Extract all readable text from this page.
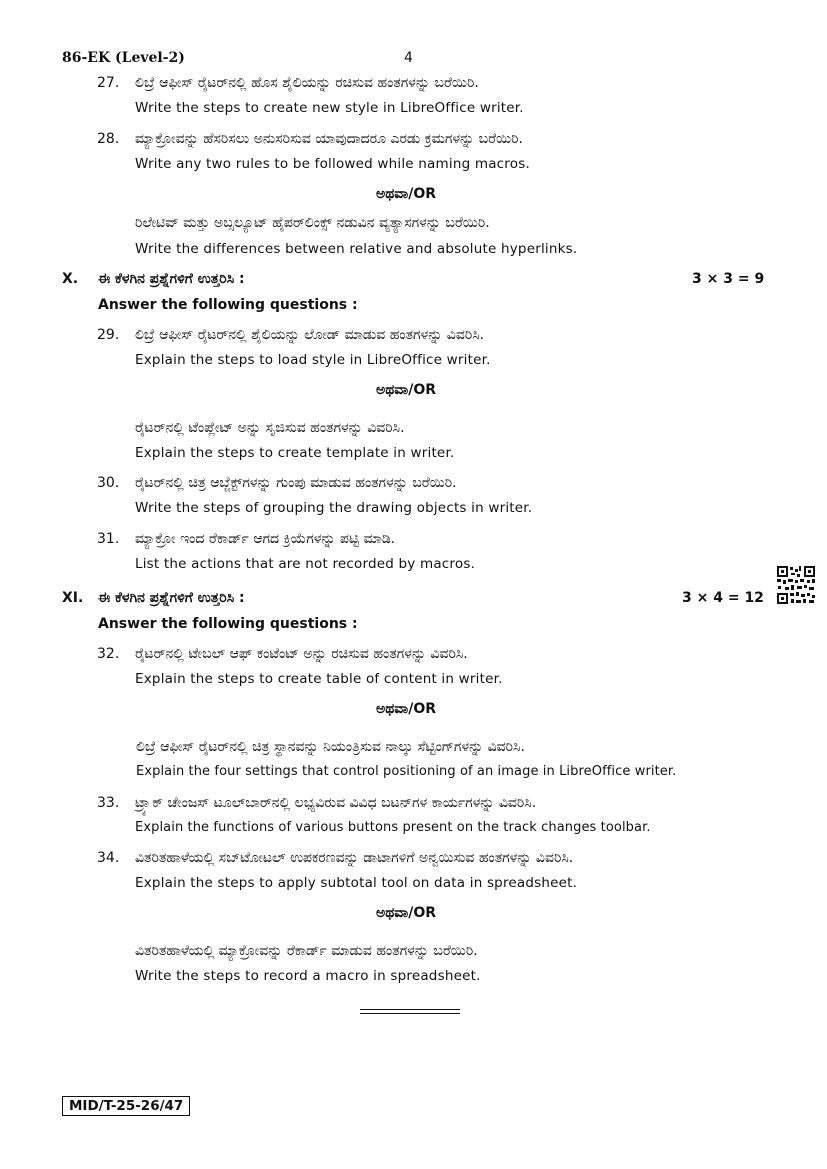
86-EK (Level-2)	4
27. ಲಿಬ್ರೆ ಆಫೀಸ್ ರೈಟರ್‌ನಲ್ಲಿ ಹೊಸ ಶೈಲಿಯನ್ನು ರಚಿಸುವ ಹಂತಗಳನ್ನು ಬರೆಯಿರಿ.
Write the steps to create new style in LibreOffice writer.
28. ಮ್ಯಾಕ್ರೋವನ್ನು ಹೆಸರಿಸಲು ಅನುಸರಿಸುವ ಯಾವುದಾದರೂ ಎರಡು ಕ್ರಮಗಳನ್ನು ಬರೆಯಿರಿ.
Write any two rules to be followed while naming macros.
ಅಥವಾ/OR
ರಿಲೇಟಿವ್ ಮತ್ತು ಅಬ್ಸಲ್ಯೂಟ್ ಹೈಪರ್‌ಲಿಂಕ್ಸ್ ನಡುವಿನ ವ್ಯತ್ಯಾಸಗಳನ್ನು ಬರೆಯಿರಿ.
Write the differences between relative and absolute hyperlinks.
X. ಈ ಕೆಳಗಿನ ಪ್ರಶ್ನೆಗಳಿಗೆ ಉತ್ತರಿಸಿ :	3 × 3 = 9
Answer the following questions :
29. ಲಿಬ್ರೆ ಆಫೀಸ್ ರೈಟರ್‌ನಲ್ಲಿ ಶೈಲಿಯನ್ನು ಲೋಡ್ ಮಾಡುವ ಹಂತಗಳನ್ನು ವಿವರಿಸಿ.
Explain the steps to load style in LibreOffice writer.
ಅಥವಾ/OR
ರೈಟರ್‌ನಲ್ಲಿ ಟೆಂಪ್ಲೇಟ್ ಅನ್ನು ಸೃಜಿಸುವ ಹಂತಗಳನ್ನು ವಿವರಿಸಿ.
Explain the steps to create template in writer.
30. ರೈಟರ್‌ನಲ್ಲಿ ಚಿತ್ರ ಆಬ್ಜೆಕ್ಟ್‌ಗಳನ್ನು ಗುಂಪು ಮಾಡುವ ಹಂತಗಳನ್ನು ಬರೆಯಿರಿ.
Write the steps of grouping the drawing objects in writer.
31. ಮ್ಯಾಕ್ರೋ ಇಂದ ರೆಕಾರ್ಡ್ ಆಗದ ಕ್ರಿಯೆಗಳನ್ನು ಪಟ್ಟಿ ಮಾಡಿ.
List the actions that are not recorded by macros.
XI. ಈ ಕೆಳಗಿನ ಪ್ರಶ್ನೆಗಳಿಗೆ ಉತ್ತರಿಸಿ :	3 × 4 = 12
Answer the following questions :
32. ರೈಟರ್‌ನಲ್ಲಿ ಟೇಬಲ್ ಆಫ್ ಕಂಟೆಂಟ್ ಅನ್ನು ರಚಿಸುವ ಹಂತಗಳನ್ನು ವಿವರಿಸಿ.
Explain the steps to create table of content in writer.
ಅಥವಾ/OR
ಲಿಬ್ರೆ ಆಫೀಸ್ ರೈಟರ್‌ನಲ್ಲಿ ಚಿತ್ರ ಸ್ಥಾನವನ್ನು ನಿಯಂತ್ರಿಸುವ ನಾಲ್ಕು ಸೆಟ್ಟಿಂಗ್‌ಗಳನ್ನು ವಿವರಿಸಿ.
Explain the four settings that control positioning of an image in LibreOffice writer.
33. ಟ್ರ್ಯಾಕ್ ಚೇಂಜಸ್ ಟೂಲ್‌ಬಾರ್‌ನಲ್ಲಿ ಲಭ್ಯವಿರುವ ವಿವಿಧ ಬಟನ್‌ಗಳ ಕಾರ್ಯಗಳನ್ನು ವಿವರಿಸಿ.
Explain the functions of various buttons present on the track changes toolbar.
34. ವಿತರಿತಹಾಳೆಯಲ್ಲಿ ಸಬ್‌ಟೋಟಲ್ ಉಪಕರಣವನ್ನು ಡಾಟಾಗಳಿಗೆ ಅನ್ವಯಿಸುವ ಹಂತಗಳನ್ನು ವಿವರಿಸಿ.
Explain the steps to apply subtotal tool on data in spreadsheet.
ಅಥವಾ/OR
ವಿತರಿತಹಾಳೆಯಲ್ಲಿ ಮ್ಯಾಕ್ರೋವನ್ನು ರೆಕಾರ್ಡ್ ಮಾಡುವ ಹಂತಗಳನ್ನು ಬರೆಯಿರಿ.
Write the steps to record a macro in spreadsheet.
MID/T-25-26/47
